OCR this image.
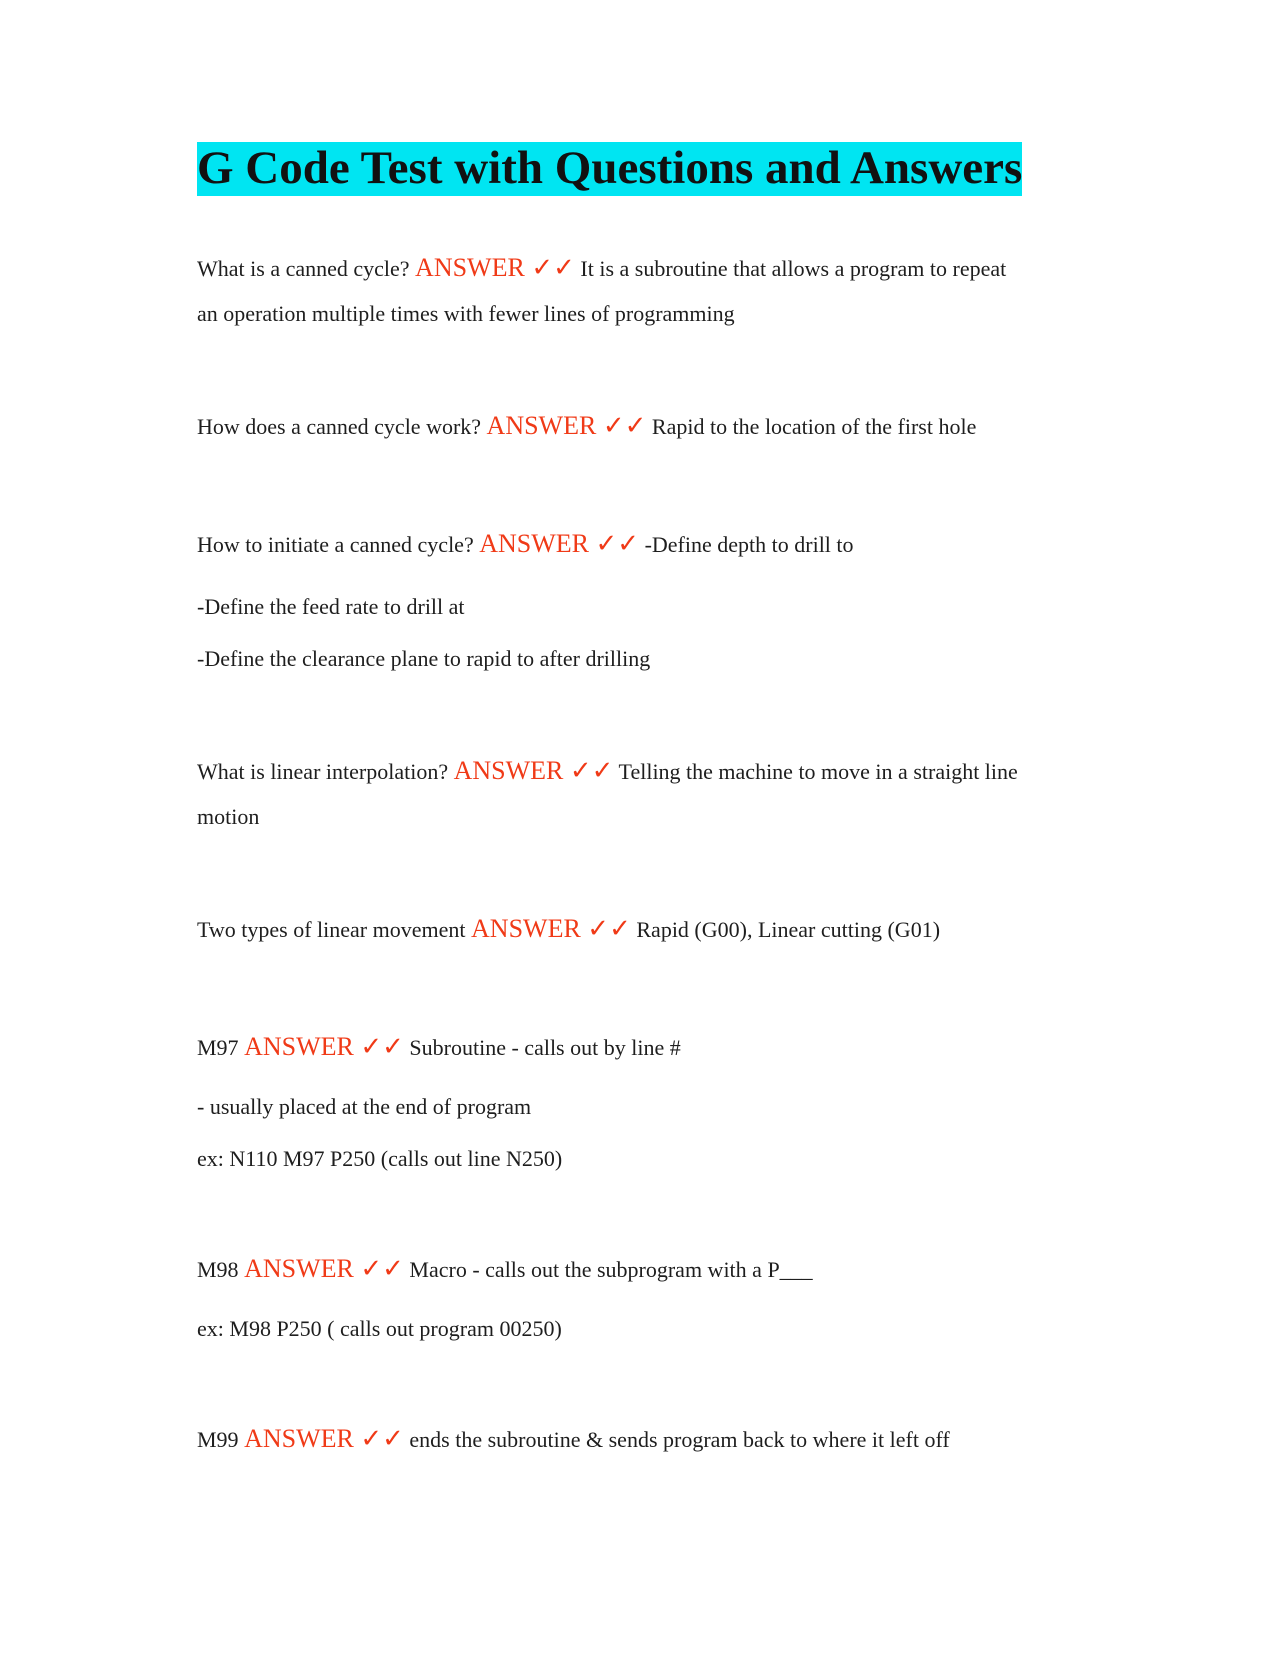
G Code Test with Questions and Answers

What is a canned cycle? ANSWER ✓✓ It is a subroutine that allows a program to repeat

an operation multiple times with fewer lines of programming

How does a canned cycle work? ANSWER ✓✓ Rapid to the location of the first hole

How to initiate a canned cycle? ANSWER ✓✓ -Define depth to drill to

-Define the feed rate to drill at

-Define the clearance plane to rapid to after drilling

What is linear interpolation? ANSWER ✓✓ Telling the machine to move in a straight line

motion

Two types of linear movement ANSWER ✓✓ Rapid (G00), Linear cutting (G01)

M97 ANSWER ✓✓ Subroutine - calls out by line #

- usually placed at the end of program

ex: N110 M97 P250 (calls out line N250)

M98 ANSWER ✓✓ Macro - calls out the subprogram with a P___

ex: M98 P250 ( calls out program 00250)

M99 ANSWER ✓✓ ends the subroutine & sends program back to where it left off
